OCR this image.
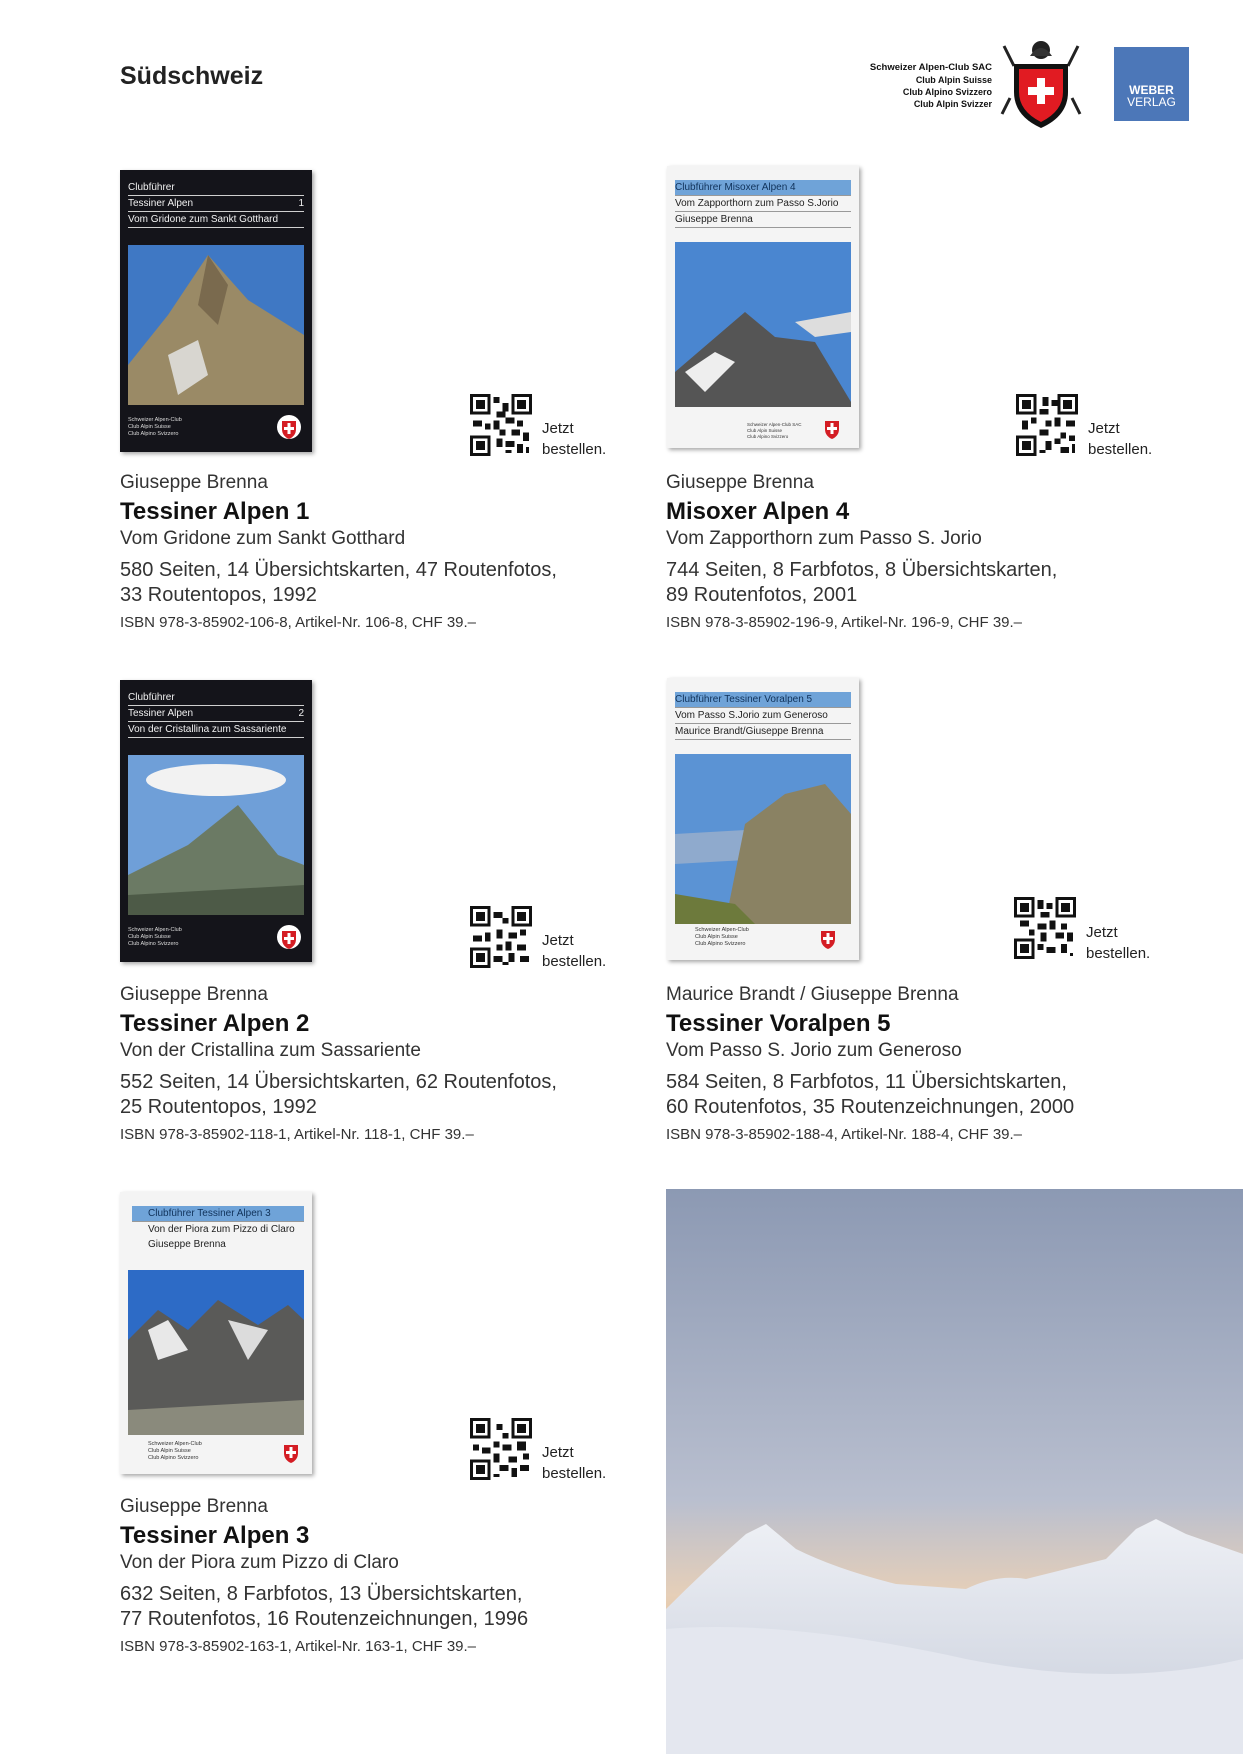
Südschweiz	Schweizer Alpen-Club SAC
Club Alpin Suisse
Club Alpino Svizzero
Club Alpin Svizzer
WEBER
VERLAG
Clubführer
Tessiner Alpen	1
Vom Gridone zum Sankt Gotthard
Schweizer Alpen-Club
Club Alpin Suisse
Club Alpino Svizzero	Jetzt
bestellen.
Giuseppe Brenna
Tessiner Alpen 1
Vom Gridone zum Sankt Gotthard
580 Seiten, 14 Übersichtskarten, 47 Routenfotos,
33 Routentopos, 1992
ISBN 978-3-85902-106-8, Artikel-Nr. 106-8, CHF 39.–
Clubführer Misoxer Alpen 4
Vom Zapporthorn zum Passo S.Jorio
Giuseppe Brenna
Schweizer Alpen-Club SAC
Club Alpin Suisse
Club Alpino Svizzero	Jetzt
bestellen.
Giuseppe Brenna
Misoxer Alpen 4
Vom Zapporthorn zum Passo S. Jorio
744 Seiten, 8 Farbfotos, 8 Übersichtskarten,
89 Routenfotos, 2001
ISBN 978-3-85902-196-9, Artikel-Nr. 196-9, CHF 39.–
Clubführer
Tessiner Alpen	2
Von der Cristallina zum Sassariente
Schweizer Alpen-Club
Club Alpin Suisse
Club Alpino Svizzero	Jetzt
bestellen.
Giuseppe Brenna
Tessiner Alpen 2
Von der Cristallina zum Sassariente
552 Seiten, 14 Übersichtskarten, 62 Routenfotos,
25 Routentopos, 1992
ISBN 978-3-85902-118-1, Artikel-Nr. 118-1, CHF 39.–
Clubführer Tessiner Voralpen 5
Vom Passo S.Jorio zum Generoso
Maurice Brandt/Giuseppe Brenna
Schweizer Alpen-Club
Club Alpin Suisse
Club Alpino Svizzero
Jetzt
bestellen.
Maurice Brandt / Giuseppe Brenna
Tessiner Voralpen 5
Vom Passo S. Jorio zum Generoso
584 Seiten, 8 Farbfotos, 11 Übersichtskarten,
60 Routenfotos, 35 Routenzeichnungen, 2000
ISBN 978-3-85902-188-4, Artikel-Nr. 188-4, CHF 39.–
Clubführer Tessiner Alpen 3
Von der Piora zum Pizzo di Claro
Giuseppe Brenna
Schweizer Alpen-Club
Club Alpin Suisse
Club Alpino Svizzero	Jetzt
bestellen.
Giuseppe Brenna
Tessiner Alpen 3
Von der Piora zum Pizzo di Claro
632 Seiten, 8 Farbfotos, 13 Übersichtskarten,
77 Routenfotos, 16 Routenzeichnungen, 1996
ISBN 978-3-85902-163-1, Artikel-Nr. 163-1, CHF 39.–
